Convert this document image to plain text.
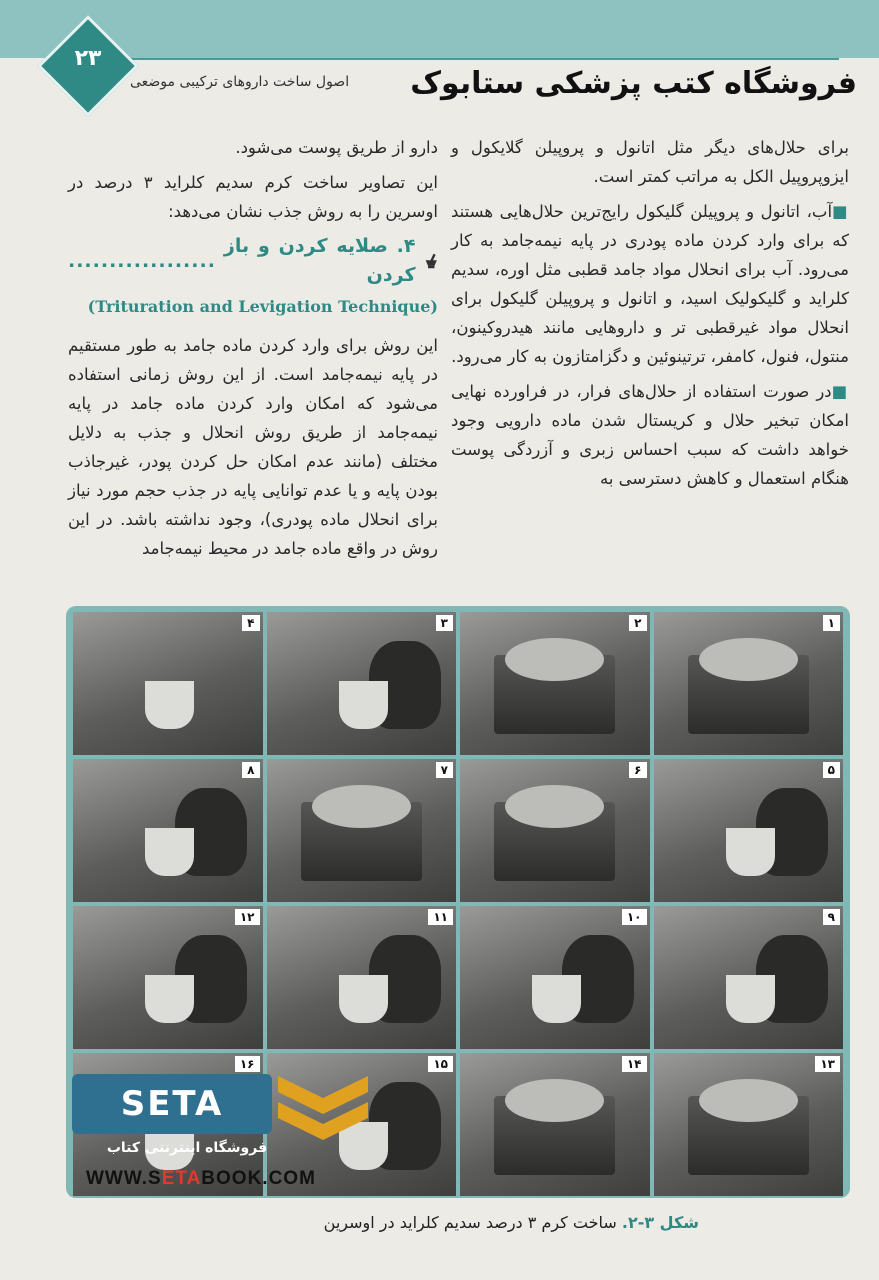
۲۳
اصول ساخت داروهای ترکیبی موضعی فروشگاه کتب پزشکی ستابوک

برای حلال‌های دیگر مثل اتانول و پروپیلن گلایکول و ایزوپروپیل الکل به مراتب کمتر است.

■آب، اتانول و پروپیلن گلیکول رایج‌ترین حلال‌هایی هستند که برای وارد کردن ماده پودری در پایه نیمه‌جامد به کار می‌رود. آب برای انحلال مواد جامد قطبی مثل اوره، سدیم کلراید و گلیکولیک اسید، و اتانول و پروپیلن گلیکول برای انحلال مواد غیرقطبی تر و داروهایی مانند هیدروکینون، منتول، فنول، کامفر، ترتینوئین و دگزامتازون به کار می‌رود.

■در صورت استفاده از حلال‌های فرار، در فراورده نهایی امکان تبخیر حلال و کریستال شدن ماده دارویی وجود خواهد داشت که سبب احساس زبری و آزردگی پوست هنگام استعمال و کاهش دسترسی به

دارو از طریق پوست می‌شود.

این تصاویر ساخت کرم سدیم کلراید ۳ درصد در اوسرین را به روش جذب نشان می‌دهد:

۴. صلایه کردن و باز کردن
..................
(Trituration and Levigation Technique)

این روش برای وارد کردن ماده جامد به طور مستقیم در پایه نیمه‌جامد است. از این روش زمانی استفاده می‌شود که امکان وارد کردن ماده جامد در پایه نیمه‌جامد از طریق روش انحلال و جذب به دلایل مختلف (مانند عدم امکان حل کردن پودر، غیرجاذب بودن پایه و یا عدم توانایی پایه در جذب حجم مورد نیاز برای انحلال ماده پودری)، وجود نداشته باشد. در این روش در واقع ماده جامد در محیط نیمه‌جامد

۱
۲
۳
۴
۵
۶
۷
۸
۹
۱۰
۱۱
۱۲
۱۳
۱۴
۱۵
۱۶
SETA
فروشگاه اینترنتی کتاب
WWW.SETABOOK.COM
شکل ۳-۲. ساخت کرم ۳ درصد سدیم کلراید در اوسرین
